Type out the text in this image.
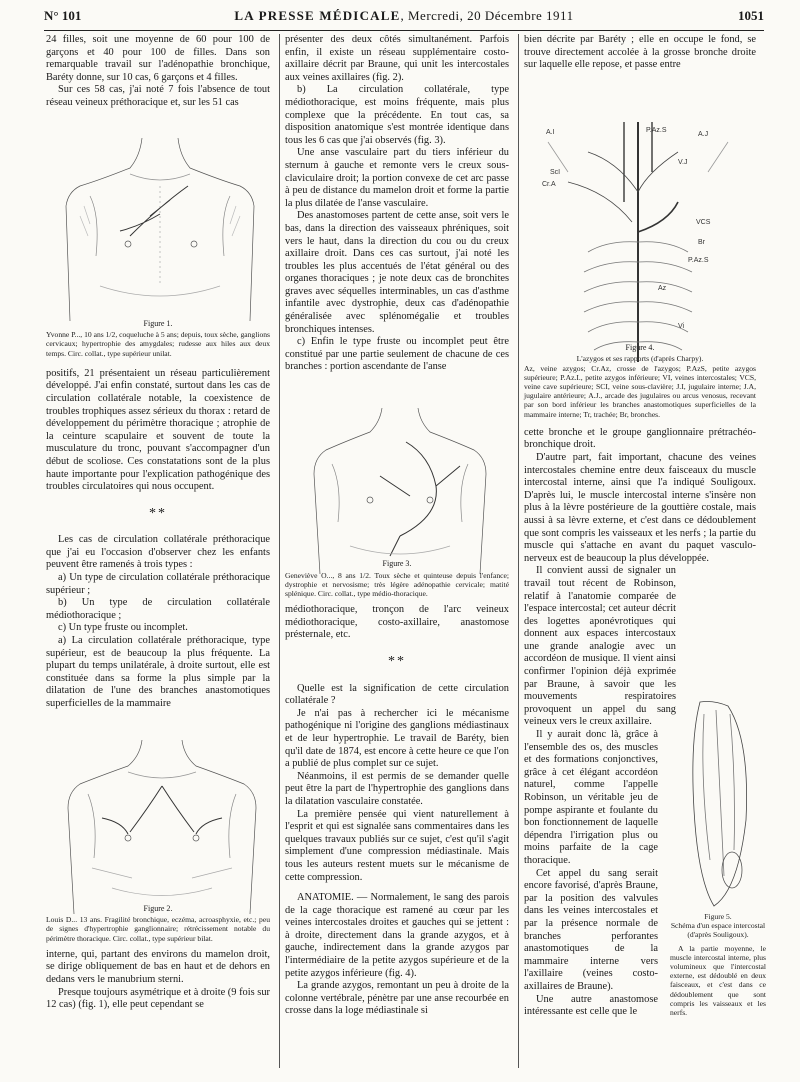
N° 101	LA PRESSE MÉDICALE, Mercredi, 20 Décembre 1911	1051

24 filles, soit une moyenne de 60 pour 100 de garçons et 40 pour 100 de filles. Dans son remarquable travail sur l'adénopathie bronchique, Baréty donne, sur 10 cas, 6 garçons et 4 filles.

Sur ces 58 cas, j'ai noté 7 fois l'absence de tout réseau veineux préthoracique et, sur les 51 cas

Figure 1.
Yvonne P..., 10 ans 1/2, coqueluche à 5 ans; depuis, toux sèche, ganglions cervicaux; hypertrophie des amygdales; rudesse aux hiles aux deux temps. Circ. collat., type supérieur unilat.

positifs, 21 présentaient un réseau particulièrement développé. J'ai enfin constaté, surtout dans les cas de circulation collatérale notable, la coexistence de troubles trophiques assez sérieux du thorax : retard de développement du périmètre thoracique ; atrophie de la ceinture scapulaire et souvent de toute la musculature du tronc, pouvant s'accompagner d'un début de scoliose. Ces constatations sont de la plus haute importante pour l'explication pathogénique des troubles circulatoires qui nous occupent.

**

Les cas de circulation collatérale préthoracique que j'ai eu l'occasion d'observer chez les enfants peuvent être ramenés à trois types :

a) Un type de circulation collatérale préthoracique supérieur ;

b) Un type de circulation collatérale médiothoracique ;

c) Un type fruste ou incomplet.

a) La circulation collatérale préthoracique, type supérieur, est de beaucoup la plus fréquente. La plupart du temps unilatérale, à droite surtout, elle est constituée dans sa forme la plus simple par la dilatation de l'une des branches anastomotiques superficielles de la mammaire

Figure 2.
Louis D... 13 ans. Fragilité bronchique, eczéma, acroasphyxie, etc.; peu de signes d'hypertrophie ganglionnaire; rétrécissement notable du périmètre thoracique. Circ. collat., type supérieur bilat.

interne, qui, partant des environs du mamelon droit, se dirige obliquement de bas en haut et de dehors en dedans vers le manubrium sterni.

Presque toujours asymétrique et à droite (9 fois sur 12 cas) (fig. 1), elle peut cependant se

présenter des deux côtés simultanément. Parfois enfin, il existe un réseau supplémentaire costo-axillaire décrit par Braune, qui unit les intercostales aux veines axillaires (fig. 2).

b) La circulation collatérale, type médiothoracique, est moins fréquente, mais plus complexe que la précédente. En tout cas, sa disposition anatomique s'est montrée identique dans tous les 6 cas que j'ai observés (fig. 3).

Une anse vasculaire part du tiers inférieur du sternum à gauche et remonte vers le creux sous-claviculaire droit; la portion convexe de cet arc passe à peu de distance du mamelon droit et forme la partie la plus dilatée de l'anse vasculaire.

Des anastomoses partent de cette anse, soit vers le bas, dans la direction des vaisseaux phréniques, soit vers le haut, dans la direction du cou ou du creux axillaire droit. Dans ces cas surtout, j'ai noté les troubles les plus accentués de l'état général ou des organes thoraciques ; je note deux cas de bronchites graves avec séquelles interminables, un cas d'asthme infantile avec dystrophie, deux cas d'adénopathie généralisée avec splénomégalie et troubles bronchiques intenses.

c) Enfin le type fruste ou incomplet peut être constitué par une partie seulement de chacune de ces branches : portion ascendante de l'anse

Figure 3.
Geneviève O..., 8 ans 1/2. Toux sèche et quinteuse depuis l'enfance; dystrophie et nervosisme; très légère adénopathie cervicale; matité splénique. Circ. collat., type médio-thoracique.

médiothoracique, tronçon de l'arc veineux médiothoracique, costo-axillaire, anastomose présternale, etc.

**

Quelle est la signification de cette circulation collatérale ?

Je n'ai pas à rechercher ici le mécanisme pathogénique ni l'origine des ganglions médiastinaux et de leur hypertrophie. Le travail de Baréty, bien qu'il date de 1874, est encore à cette heure ce que l'on a publié de plus complet sur ce sujet.

Néanmoins, il est permis de se demander quelle peut être la part de l'hypertrophie des ganglions dans la dilatation vasculaire constatée.

La première pensée qui vient naturellement à l'esprit et qui est signalée sans commentaires dans les quelques travaux publiés sur ce sujet, c'est qu'il s'agit simplement d'une compression médiastinale. Mais tous les auteurs restent muets sur le mécanisme de cette compression.

ANATOMIE. — Normalement, le sang des parois de la cage thoracique est ramené au cœur par les veines intercostales droites et gauches qui se jettent : à droite, directement dans la grande azygos, et à gauche, indirectement dans la grande azygos par l'intermédiaire de la petite azygos supérieure et de la petite azygos inférieure (fig. 4).

La grande azygos, remontant un peu à droite de la colonne vertébrale, pénètre par une anse recourbée en crosse dans la loge médiastinale si

bien décrite par Baréty ; elle en occupe le fond, se trouve directement accolée à la grosse bronche droite sur laquelle elle repose, et passe entre

Figure 4.
L'azygos et ses rapports (d'après Charpy).
Az, veine azygos; Cr.Az, crosse de l'azygos; P.AzS, petite azygos supérieure; P.Az.I., petite azygos inférieure; VI, veines intercostales; VCS, veine cave supérieure; SCI, veine sous-clavière; J.I, jugulaire interne; J.A, jugulaire antérieure; A.J., arcade des jugulaires ou arcus venosus, recevant par son bord inférieur les branches anastomotiques superficielles de la mammaire interne; Tr, trachée; Br, bronches.

cette bronche et le groupe ganglionnaire prétrachéo-bronchique droit.

D'autre part, fait important, chacune des veines intercostales chemine entre deux faisceaux du muscle intercostal interne, ainsi que l'a indiqué Souligoux. D'après lui, le muscle intercostal interne s'insère non plus à la lèvre postérieure de la gouttière costale, mais aussi à sa lèvre externe, et c'est dans ce dédoublement que sont compris les vaisseaux et les nerfs ; la partie du muscle qui s'attache en avant du paquet vasculo-nerveux est de beaucoup la plus développée.

Il convient aussi de signaler un travail tout récent de Robinson, relatif à l'anatomie comparée de l'espace intercostal; cet auteur décrit des logettes aponévrotiques qui donnent aux espaces intercostaux une grande analogie avec un accordéon de musique. Il vient ainsi confirmer l'opinion déjà exprimée par Braune, à savoir que les mouvements respiratoires provoquent un appel du sang veineux vers le creux axillaire.

Il y aurait donc là, grâce à l'ensemble des os, des muscles et des formations conjonctives, grâce à cet élégant accordéon naturel, comme l'appelle Robinson, un véritable jeu de pompe aspirante et foulante du bon fonctionnement de laquelle dépendra l'irrigation plus ou moins parfaite de la cage thoracique.

Cet appel du sang serait encore favorisé, d'après Braune, par la position des valvules dans les veines intercostales et par la présence normale de branches perforantes anastomotiques de la mammaire interne vers l'axillaire (veines costo-axillaires de Braune).

Une autre anastomose intéressante est celle que le

A.I	P.Az.S
A.J
V.J
ScI
Cr.A
VCS
Br
P.Az.S
Az
Vi
Figure 5.
Schéma d'un espace intercostal (d'après Souligoux).
A la partie moyenne, le muscle intercostal interne, plus volumineux que l'intercostal externe, est dédoublé en deux faisceaux, et c'est dans ce dédoublement que sont compris les vaisseaux et les nerfs.
